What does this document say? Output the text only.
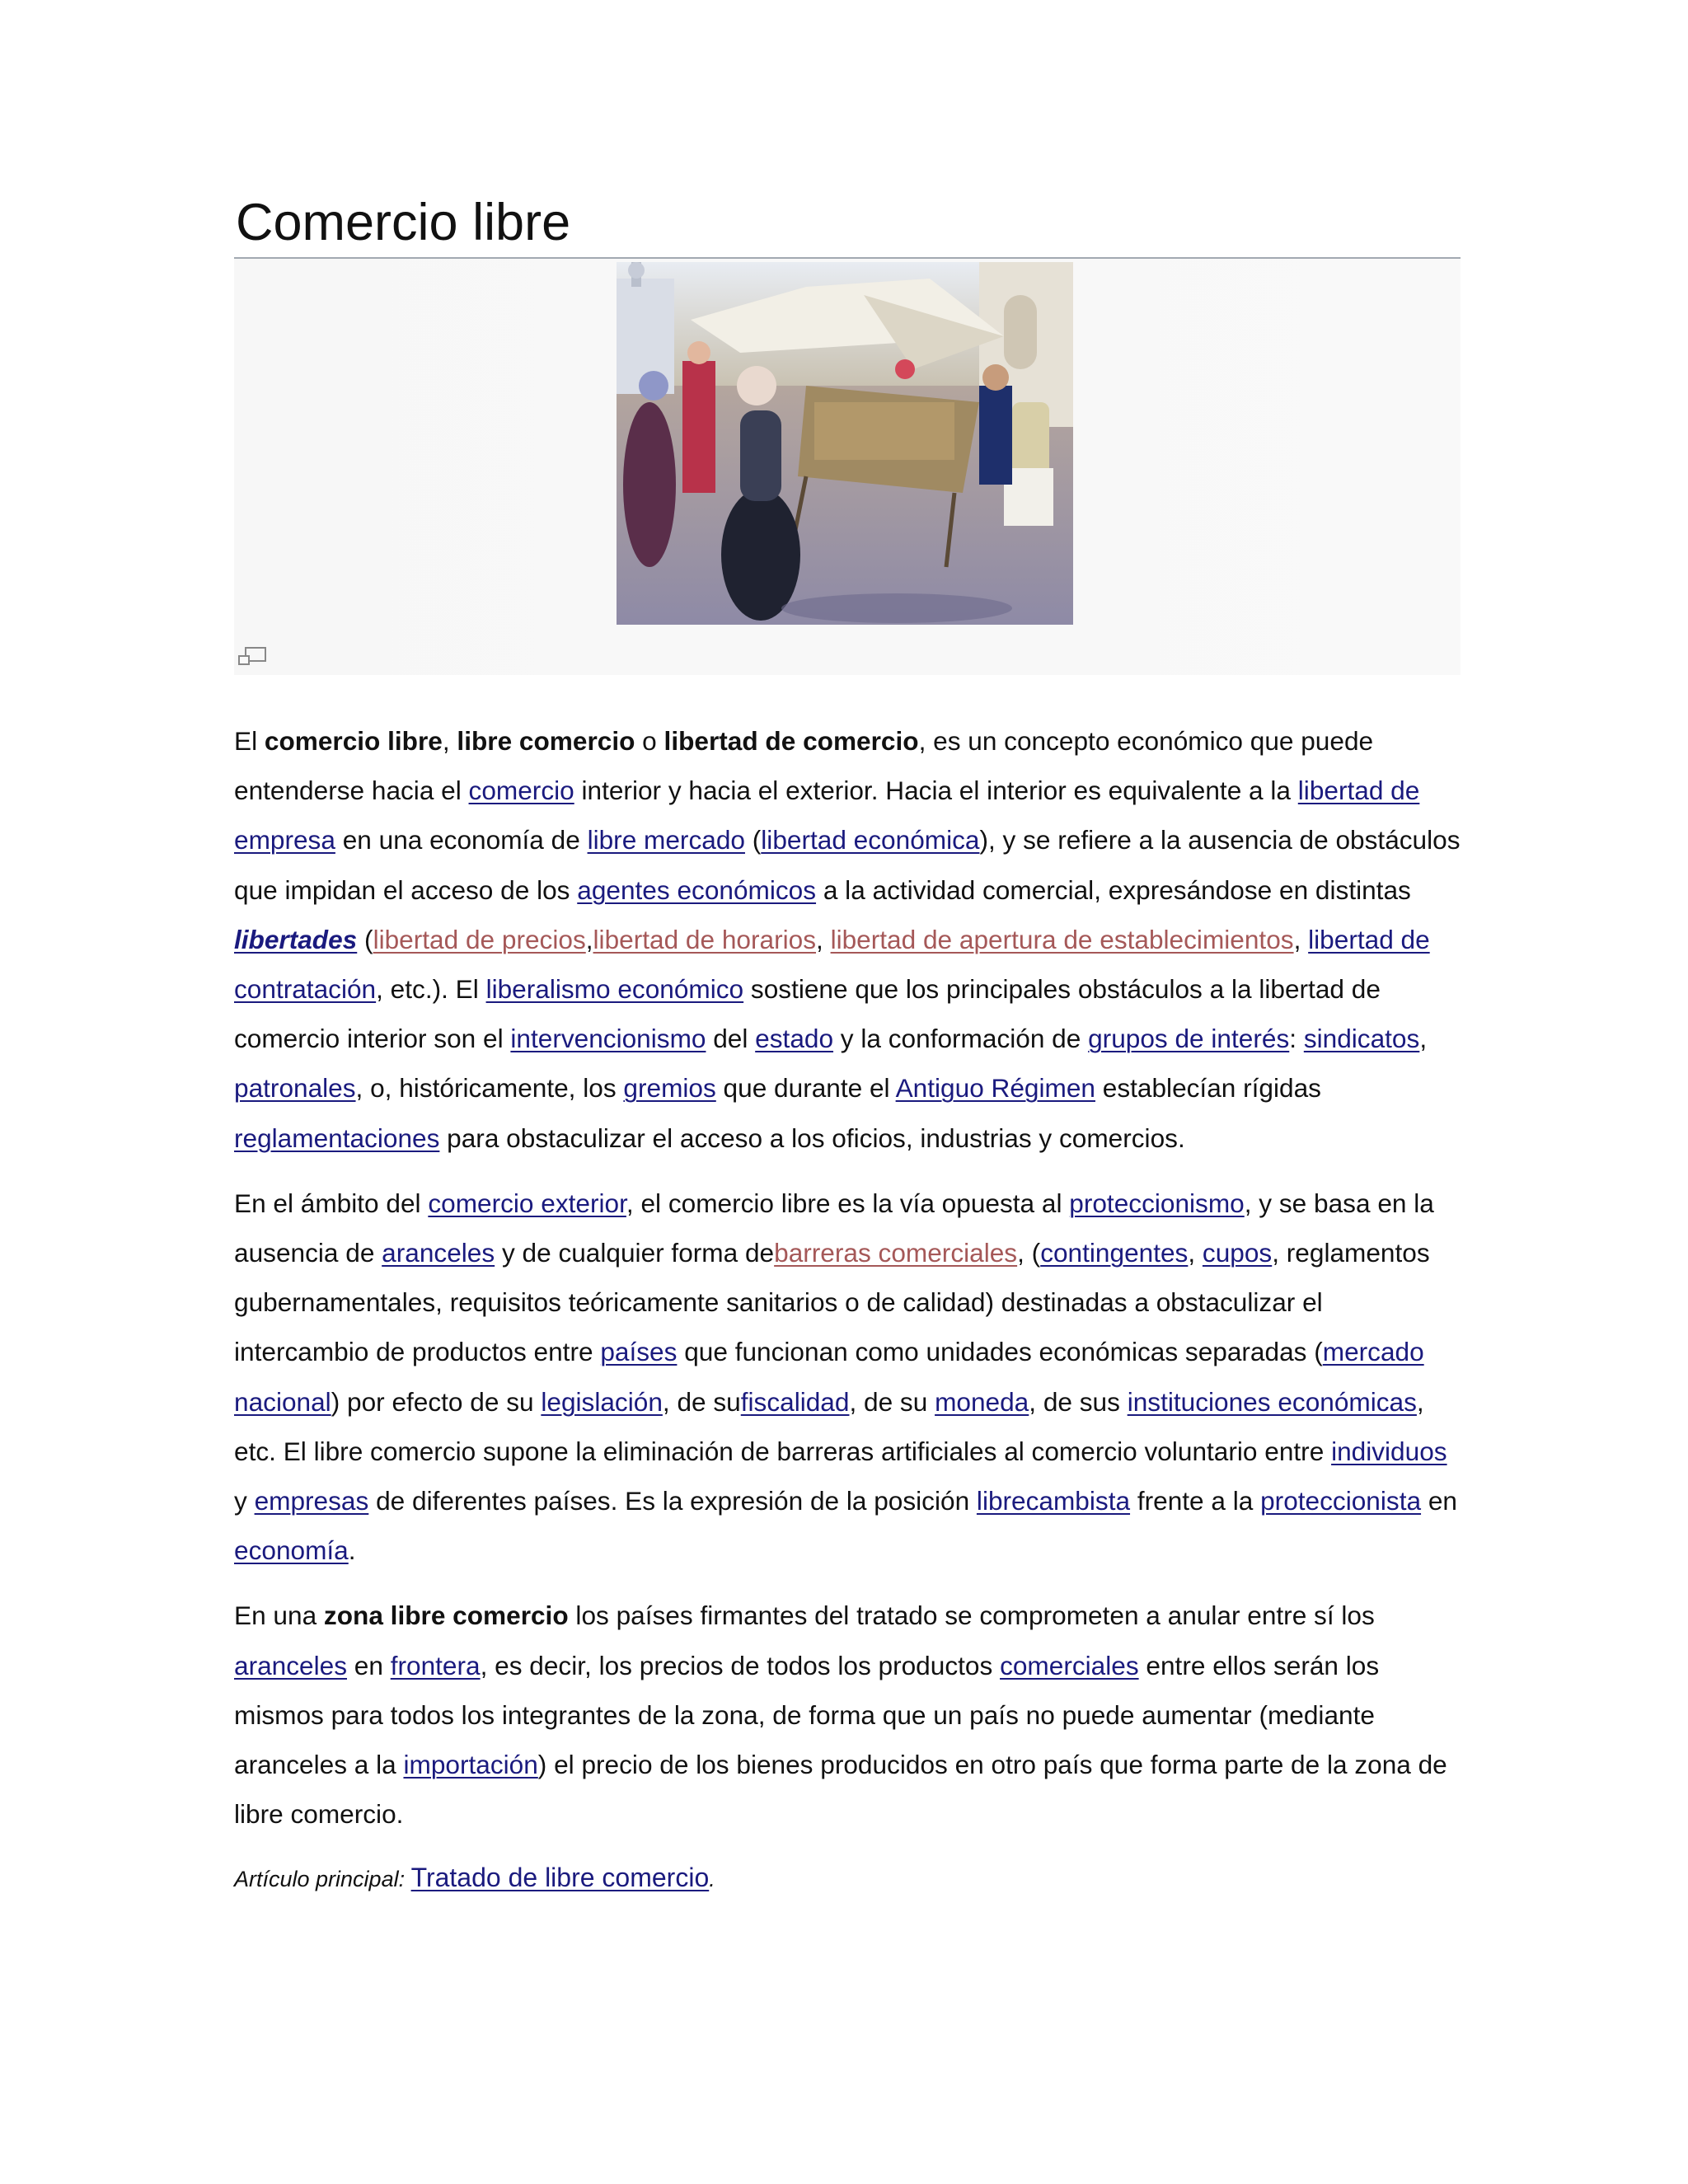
Comercio libre

El comercio libre, libre comercio o libertad de comercio, es un concepto económico que puede entenderse hacia el comercio interior y hacia el exterior. Hacia el interior es equivalente a la libertad de empresa en una economía de libre mercado (libertad económica), y se refiere a la ausencia de obstáculos que impidan el acceso de los agentes económicos a la actividad comercial, expresándose en distintas libertades (libertad de precios,libertad de horarios, libertad de apertura de establecimientos, libertad de contratación, etc.). El liberalismo económico sostiene que los principales obstáculos a la libertad de comercio interior son el intervencionismo del estado y la conformación de grupos de interés: sindicatos, patronales, o, históricamente, los gremios que durante el Antiguo Régimen establecían rígidas reglamentaciones para obstaculizar el acceso a los oficios, industrias y comercios.

En el ámbito del comercio exterior, el comercio libre es la vía opuesta al proteccionismo, y se basa en la ausencia de aranceles y de cualquier forma debarreras comerciales, (contingentes, cupos, reglamentos gubernamentales, requisitos teóricamente sanitarios o de calidad) destinadas a obstaculizar el intercambio de productos entre países que funcionan como unidades económicas separadas (mercado nacional) por efecto de su legislación, de sufiscalidad, de su moneda, de sus instituciones económicas, etc. El libre comercio supone la eliminación de barreras artificiales al comercio voluntario entre individuos y empresas de diferentes países. Es la expresión de la posición librecambista frente a la proteccionista en economía.

En una zona libre comercio los países firmantes del tratado se comprometen a anular entre sí los aranceles en frontera, es decir, los precios de todos los productos comerciales entre ellos serán los mismos para todos los integrantes de la zona, de forma que un país no puede aumentar (mediante aranceles a la importación) el precio de los bienes producidos en otro país que forma parte de la zona de libre comercio.

Artículo principal: Tratado de libre comercio.
